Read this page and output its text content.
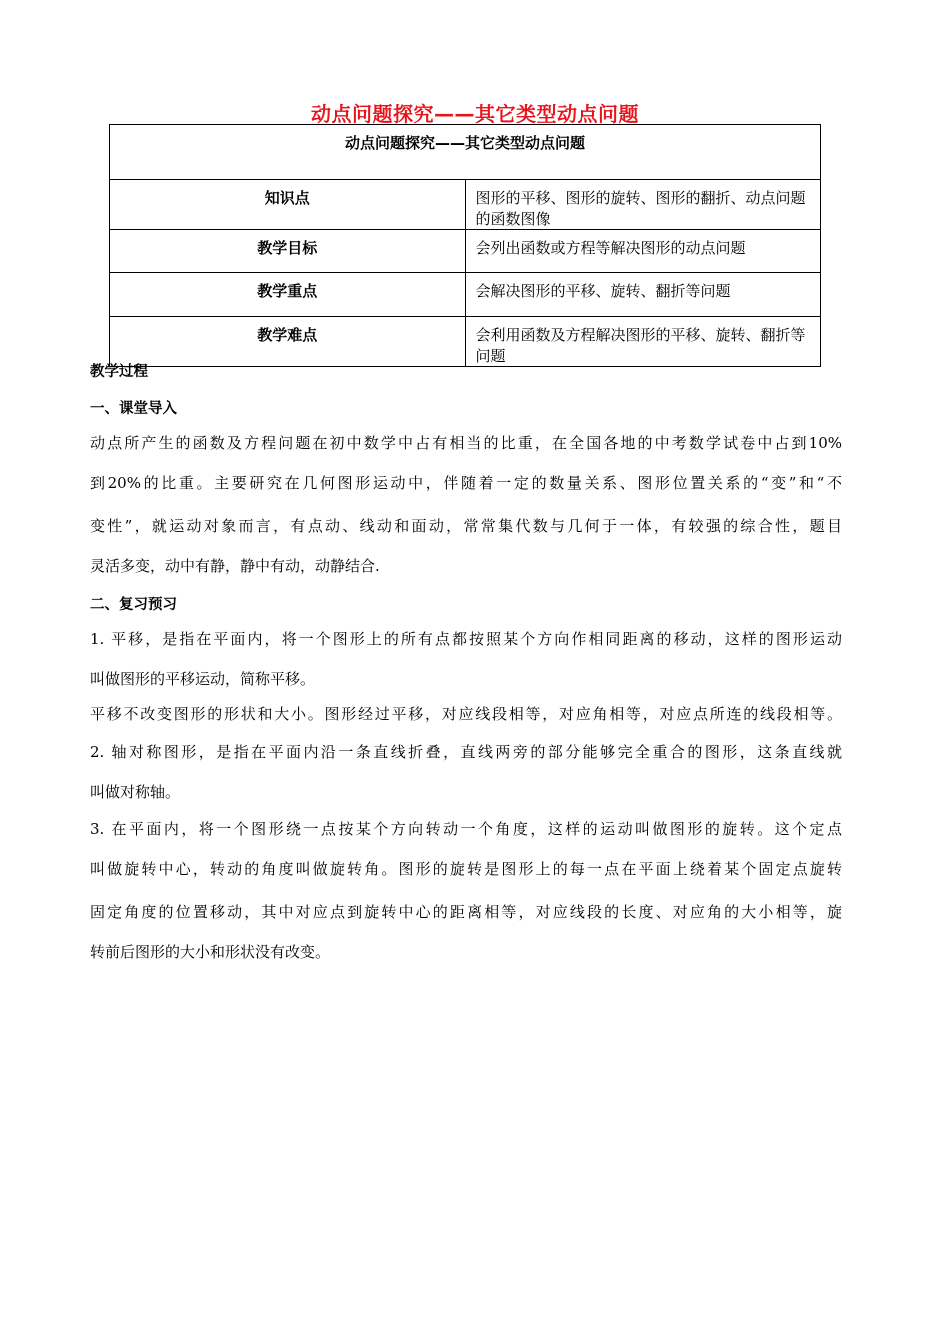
动点问题探究——其它类型动点问题
动点问题探究——其它类型动点问题	

知识点	图形的平移、图形的旋转、图形的翻折、动点问题的函数图像

教学目标	会列出函数或方程等解决图形的动点问题

教学重点	会解决图形的平移、旋转、翻折等问题

教学难点	会利用函数及方程解决图形的平移、旋转、翻折等问题
教学过程
一、课堂导入
动点所产生的函数及方程问题在初中数学中占有相当的比重，在全国各地的中考数学试卷中占到10%
到20%的比重。主要研究在几何图形运动中，伴随着一定的数量关系、图形位置关系的“变”和“不
变性”，就运动对象而言，有点动、线动和面动，常常集代数与几何于一体，有较强的综合性，题目
灵活多变，动中有静，静中有动，动静结合.
二、复习预习
1. 平移，是指在平面内，将一个图形上的所有点都按照某个方向作相同距离的移动，这样的图形运动
叫做图形的平移运动，简称平移。
平移不改变图形的形状和大小。图形经过平移，对应线段相等，对应角相等，对应点所连的线段相等。
2. 轴对称图形，是指在平面内沿一条直线折叠，直线两旁的部分能够完全重合的图形，这条直线就
叫做对称轴。
3. 在平面内，将一个图形绕一点按某个方向转动一个角度，这样的运动叫做图形的旋转。这个定点
叫做旋转中心，转动的角度叫做旋转角。图形的旋转是图形上的每一点在平面上绕着某个固定点旋转
固定角度的位置移动，其中对应点到旋转中心的距离相等，对应线段的长度、对应角的大小相等，旋
转前后图形的大小和形状没有改变。
